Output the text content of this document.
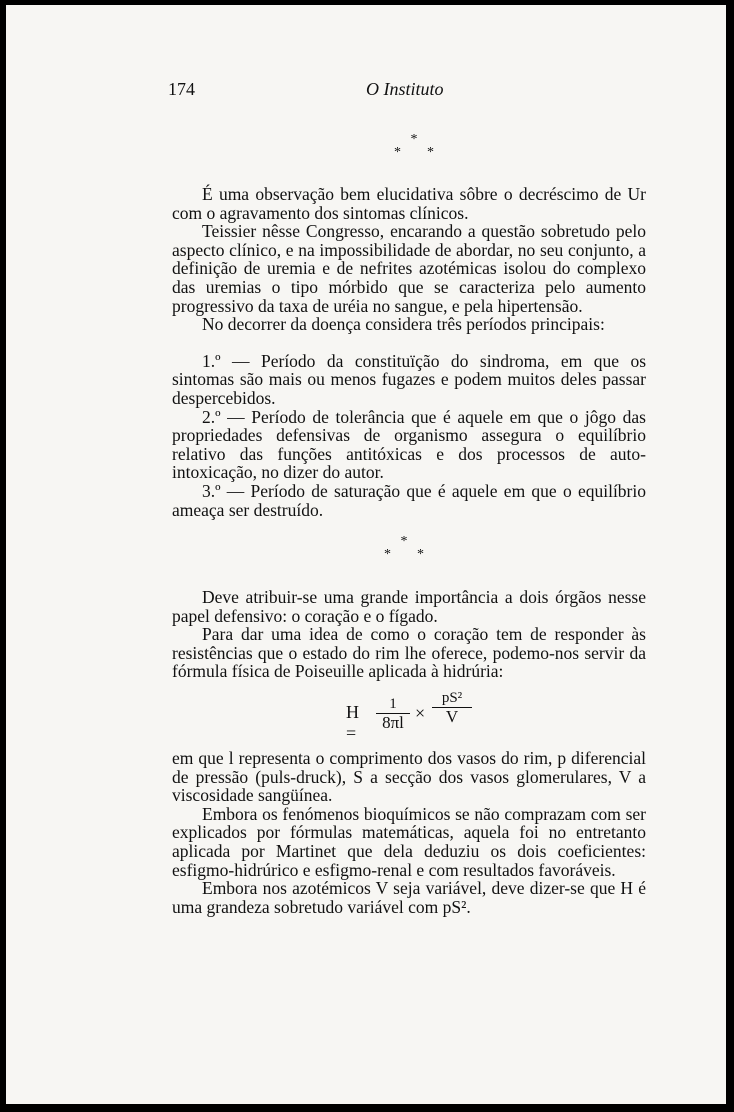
174	O Instituto
*
* *

É uma observação bem elucidativa sôbre o decréscimo de Ur com o agravamento dos sintomas clínicos.

Teissier nêsse Congresso, encarando a questão sobretudo pelo aspecto clínico, e na impossibilidade de abordar, no seu conjunto, a definição de uremia e de nefrites azotémicas isolou do complexo das uremias o tipo mórbido que se caracteriza pelo aumento progressivo da taxa de uréia no sangue, e pela hipertensão.

No decorrer da doença considera três períodos principais:

1.º — Período da constituïção do sindroma, em que os sintomas são mais ou menos fugazes e podem muitos deles passar despercebidos.

2.º — Período de tolerância que é aquele em que o jôgo das propriedades defensivas de organismo assegura o equilíbrio relativo das funções antitóxicas e dos processos de auto-intoxicação, no dizer do autor.

3.º — Período de saturação que é aquele em que o equilíbrio ameaça ser destruído.

*
* *

Deve atribuir-se uma grande importância a dois órgãos nesse papel defensivo: o coração e o fígado.

Para dar uma idea de como o coração tem de responder às resistências que o estado do rim lhe oferece, podemo-nos servir da fórmula física de Poiseuille aplicada à hidrúria:

H =
$\frac{1}{8\pi l} \times \frac{\text{pS²}}{V}$

em que l representa o comprimento dos vasos do rim, p diferencial de pressão (puls-druck), S a secção dos vasos glomerulares, V a viscosidade sangüínea.

Embora os fenómenos bioquímicos se não comprazam com ser explicados por fórmulas matemáticas, aquela foi no entretanto aplicada por Martinet que dela deduziu os dois coeficientes: esfigmo-hidrúrico e esfigmo-renal e com resultados favoráveis.

Embora nos azotémicos V seja variável, deve dizer-se que H é uma grandeza sobretudo variável com pS².
